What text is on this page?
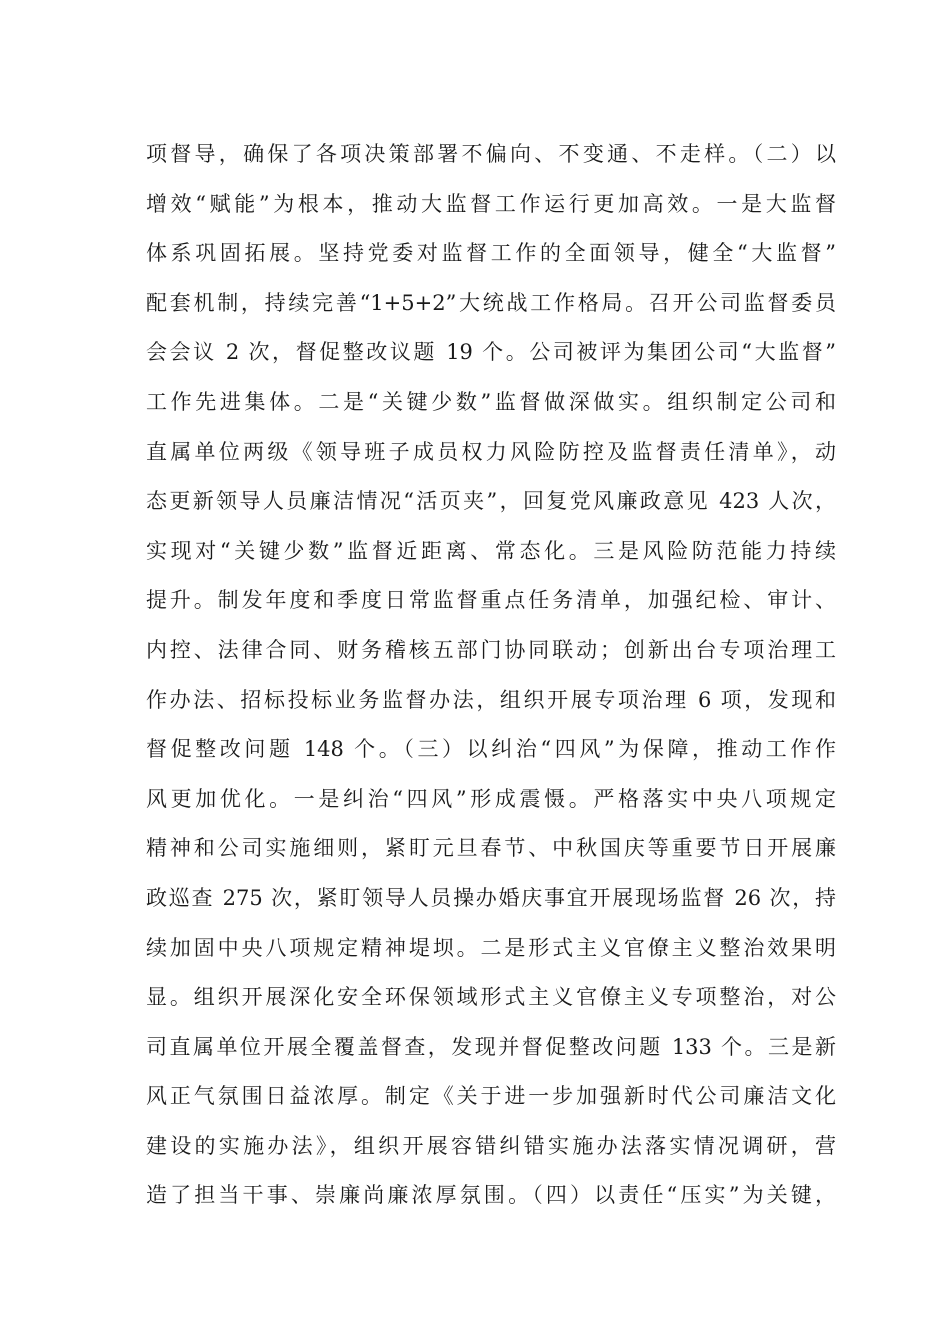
项督导，确保了各项决策部署不偏向、不变通、不走样。（二）以
增效“赋能”为根本，推动大监督工作运行更加高效。一是大监督
体系巩固拓展。坚持党委对监督工作的全面领导，健全“大监督”
配套机制，持续完善“1+5+2”大统战工作格局。召开公司监督委员
会会议 2 次，督促整改议题 19 个。公司被评为集团公司“大监督”
工作先进集体。二是“关键少数”监督做深做实。组织制定公司和
直属单位两级《领导班子成员权力风险防控及监督责任清单》，动
态更新领导人员廉洁情况“活页夹”，回复党风廉政意见 423 人次，
实现对“关键少数”监督近距离、常态化。三是风险防范能力持续
提升。制发年度和季度日常监督重点任务清单，加强纪检、审计、
内控、法律合同、财务稽核五部门协同联动；创新出台专项治理工
作办法、招标投标业务监督办法，组织开展专项治理 6 项，发现和
督促整改问题 148 个。（三）以纠治“四风”为保障，推动工作作
风更加优化。一是纠治“四风”形成震慑。严格落实中央八项规定
精神和公司实施细则，紧盯元旦春节、中秋国庆等重要节日开展廉
政巡查 275 次，紧盯领导人员操办婚庆事宜开展现场监督 26 次，持
续加固中央八项规定精神堤坝。二是形式主义官僚主义整治效果明
显。组织开展深化安全环保领域形式主义官僚主义专项整治，对公
司直属单位开展全覆盖督查，发现并督促整改问题 133 个。三是新
风正气氛围日益浓厚。制定《关于进一步加强新时代公司廉洁文化
建设的实施办法》，组织开展容错纠错实施办法落实情况调研，营
造了担当干事、崇廉尚廉浓厚氛围。（四）以责任“压实”为关键，
